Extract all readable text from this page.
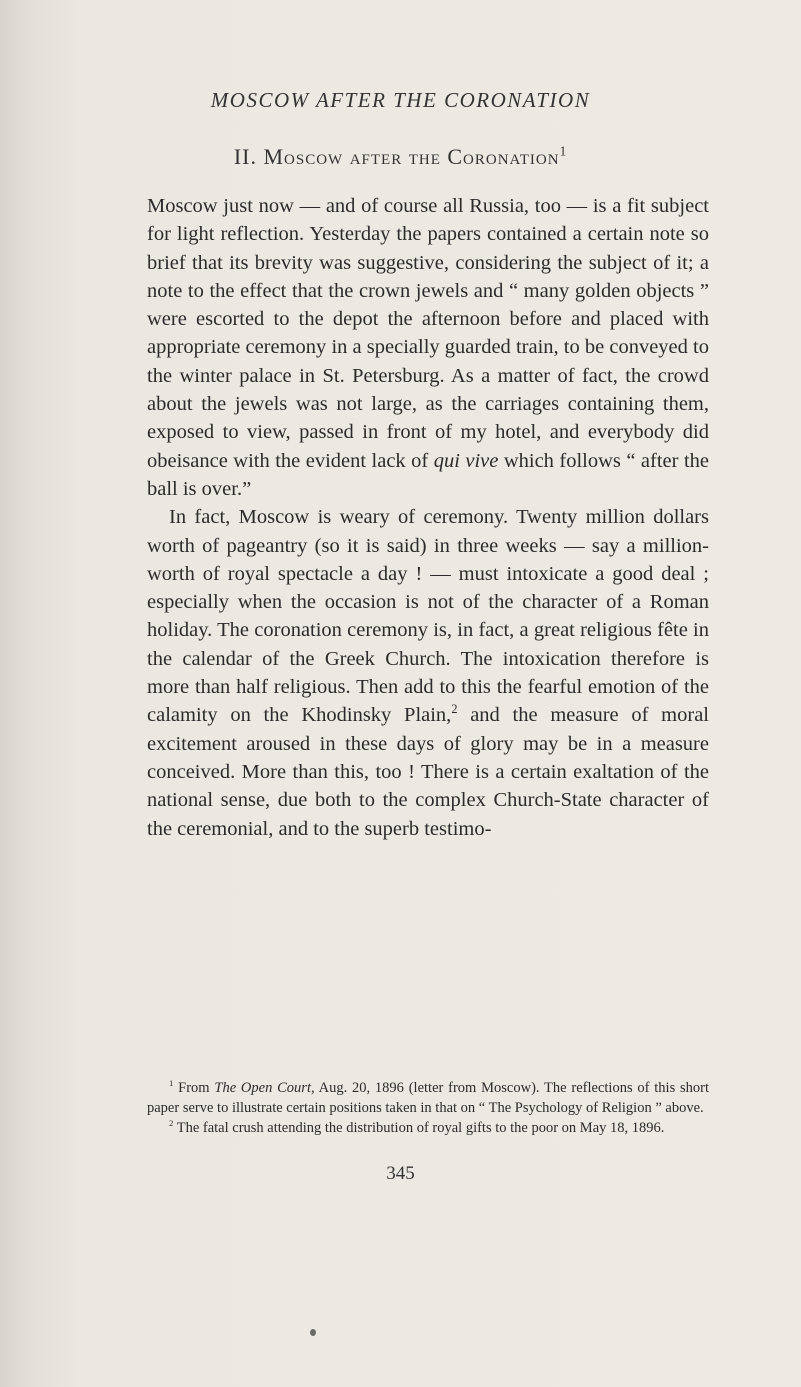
MOSCOW AFTER THE CORONATION
II. Moscow after the Coronation$^1$

Moscow just now — and of course all Russia, too — is a fit subject for light reflection. Yesterday the papers contained a certain note so brief that its brevity was suggestive, considering the subject of it; a note to the effect that the crown jewels and “ many golden objects ” were escorted to the depot the afternoon before and placed with appropriate ceremony in a specially guarded train, to be conveyed to the winter palace in St. Petersburg. As a matter of fact, the crowd about the jewels was not large, as the carriages containing them, exposed to view, passed in front of my hotel, and everybody did obeisance with the evident lack of qui vive which follows “ after the ball is over.”

In fact, Moscow is weary of ceremony. Twenty million dollars worth of pageantry (so it is said) in three weeks — say a million-worth of royal spectacle a day ! — must intoxicate a good deal ; especially when the occasion is not of the character of a Roman holiday. The coronation ceremony is, in fact, a great religious fête in the calendar of the Greek Church. The intoxication therefore is more than half religious. Then add to this the fearful emotion of the calamity on the Khodinsky Plain,$^2$ and the measure of moral excitement aroused in these days of glory may be in a measure conceived. More than this, too ! There is a certain exaltation of the national sense, due both to the complex Church-State character of the ceremonial, and to the superb testimo-

$^1$ From The Open Court, Aug. 20, 1896 (letter from Moscow). The reflections of this short paper serve to illustrate certain positions taken in that on “ The Psychology of Religion ” above.

$^2$ The fatal crush attending the distribution of royal gifts to the poor on May 18, 1896.

345
